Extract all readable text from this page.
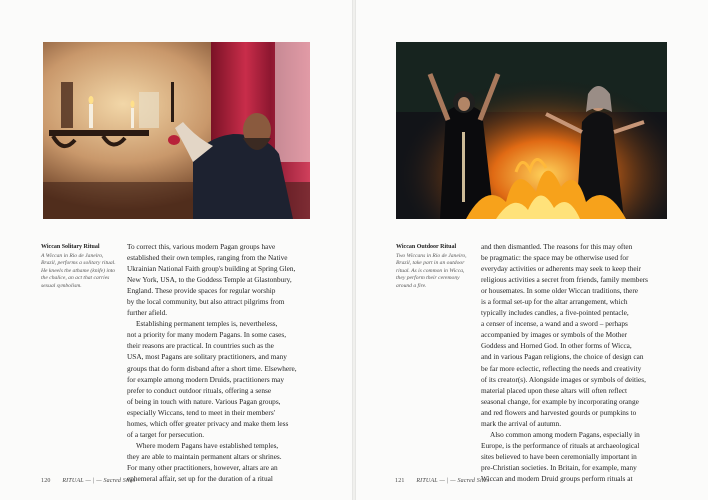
Wiccan Solitary Ritual
A Wiccan in Rio de Janeiro, Brazil, performs a solitary ritual. He kneels the athame (knife) into the chalice, an act that carries sexual symbolism.
To correct this, various modern Pagan groups have
established their own temples, ranging from the Native
Ukrainian National Faith group's building at Spring Glen,
New York, USA, to the Goddess Temple at Glastonbury,
England. These provide spaces for regular worship
by the local community, but also attract pilgrims from
further afield.
Establishing permanent temples is, nevertheless,
not a priority for many modern Pagans. In some cases,
their reasons are practical. In countries such as the
USA, most Pagans are solitary practitioners, and many
groups that do form disband after a short time. Elsewhere,
for example among modern Druids, practitioners may
prefer to conduct outdoor rituals, offering a sense
of being in touch with nature. Various Pagan groups,
especially Wiccans, tend to meet in their members'
homes, which offer greater privacy and make them less
of a target for persecution.
Where modern Pagans have established temples,
they are able to maintain permanent altars or shrines.
For many other practitioners, however, altars are an
ephemeral affair, set up for the duration of a ritual
120 RITUAL — | — Sacred Sites
Wiccan Outdoor Ritual
Two Wiccans in Rio de Janeiro, Brazil, take part in an outdoor ritual. As is common in Wicca, they perform their ceremony around a fire.
and then dismantled. The reasons for this may often
be pragmatic: the space may be otherwise used for
everyday activities or adherents may seek to keep their
religious activities a secret from friends, family members
or housemates. In some older Wiccan traditions, there
is a formal set-up for the altar arrangement, which
typically includes candles, a five-pointed pentacle,
a censer of incense, a wand and a sword – perhaps
accompanied by images or symbols of the Mother
Goddess and Horned God. In other forms of Wicca,
and in various Pagan religions, the choice of design can
be far more eclectic, reflecting the needs and creativity
of its creator(s). Alongside images or symbols of deities,
material placed upon these altars will often reflect
seasonal change, for example by incorporating orange
and red flowers and harvested gourds or pumpkins to
mark the arrival of autumn.
Also common among modern Pagans, especially in
Europe, is the performance of rituals at archaeological
sites believed to have been ceremonially important in
pre-Christian societies. In Britain, for example, many
Wiccan and modern Druid groups perform rituals at
121 RITUAL — | — Sacred Sites
